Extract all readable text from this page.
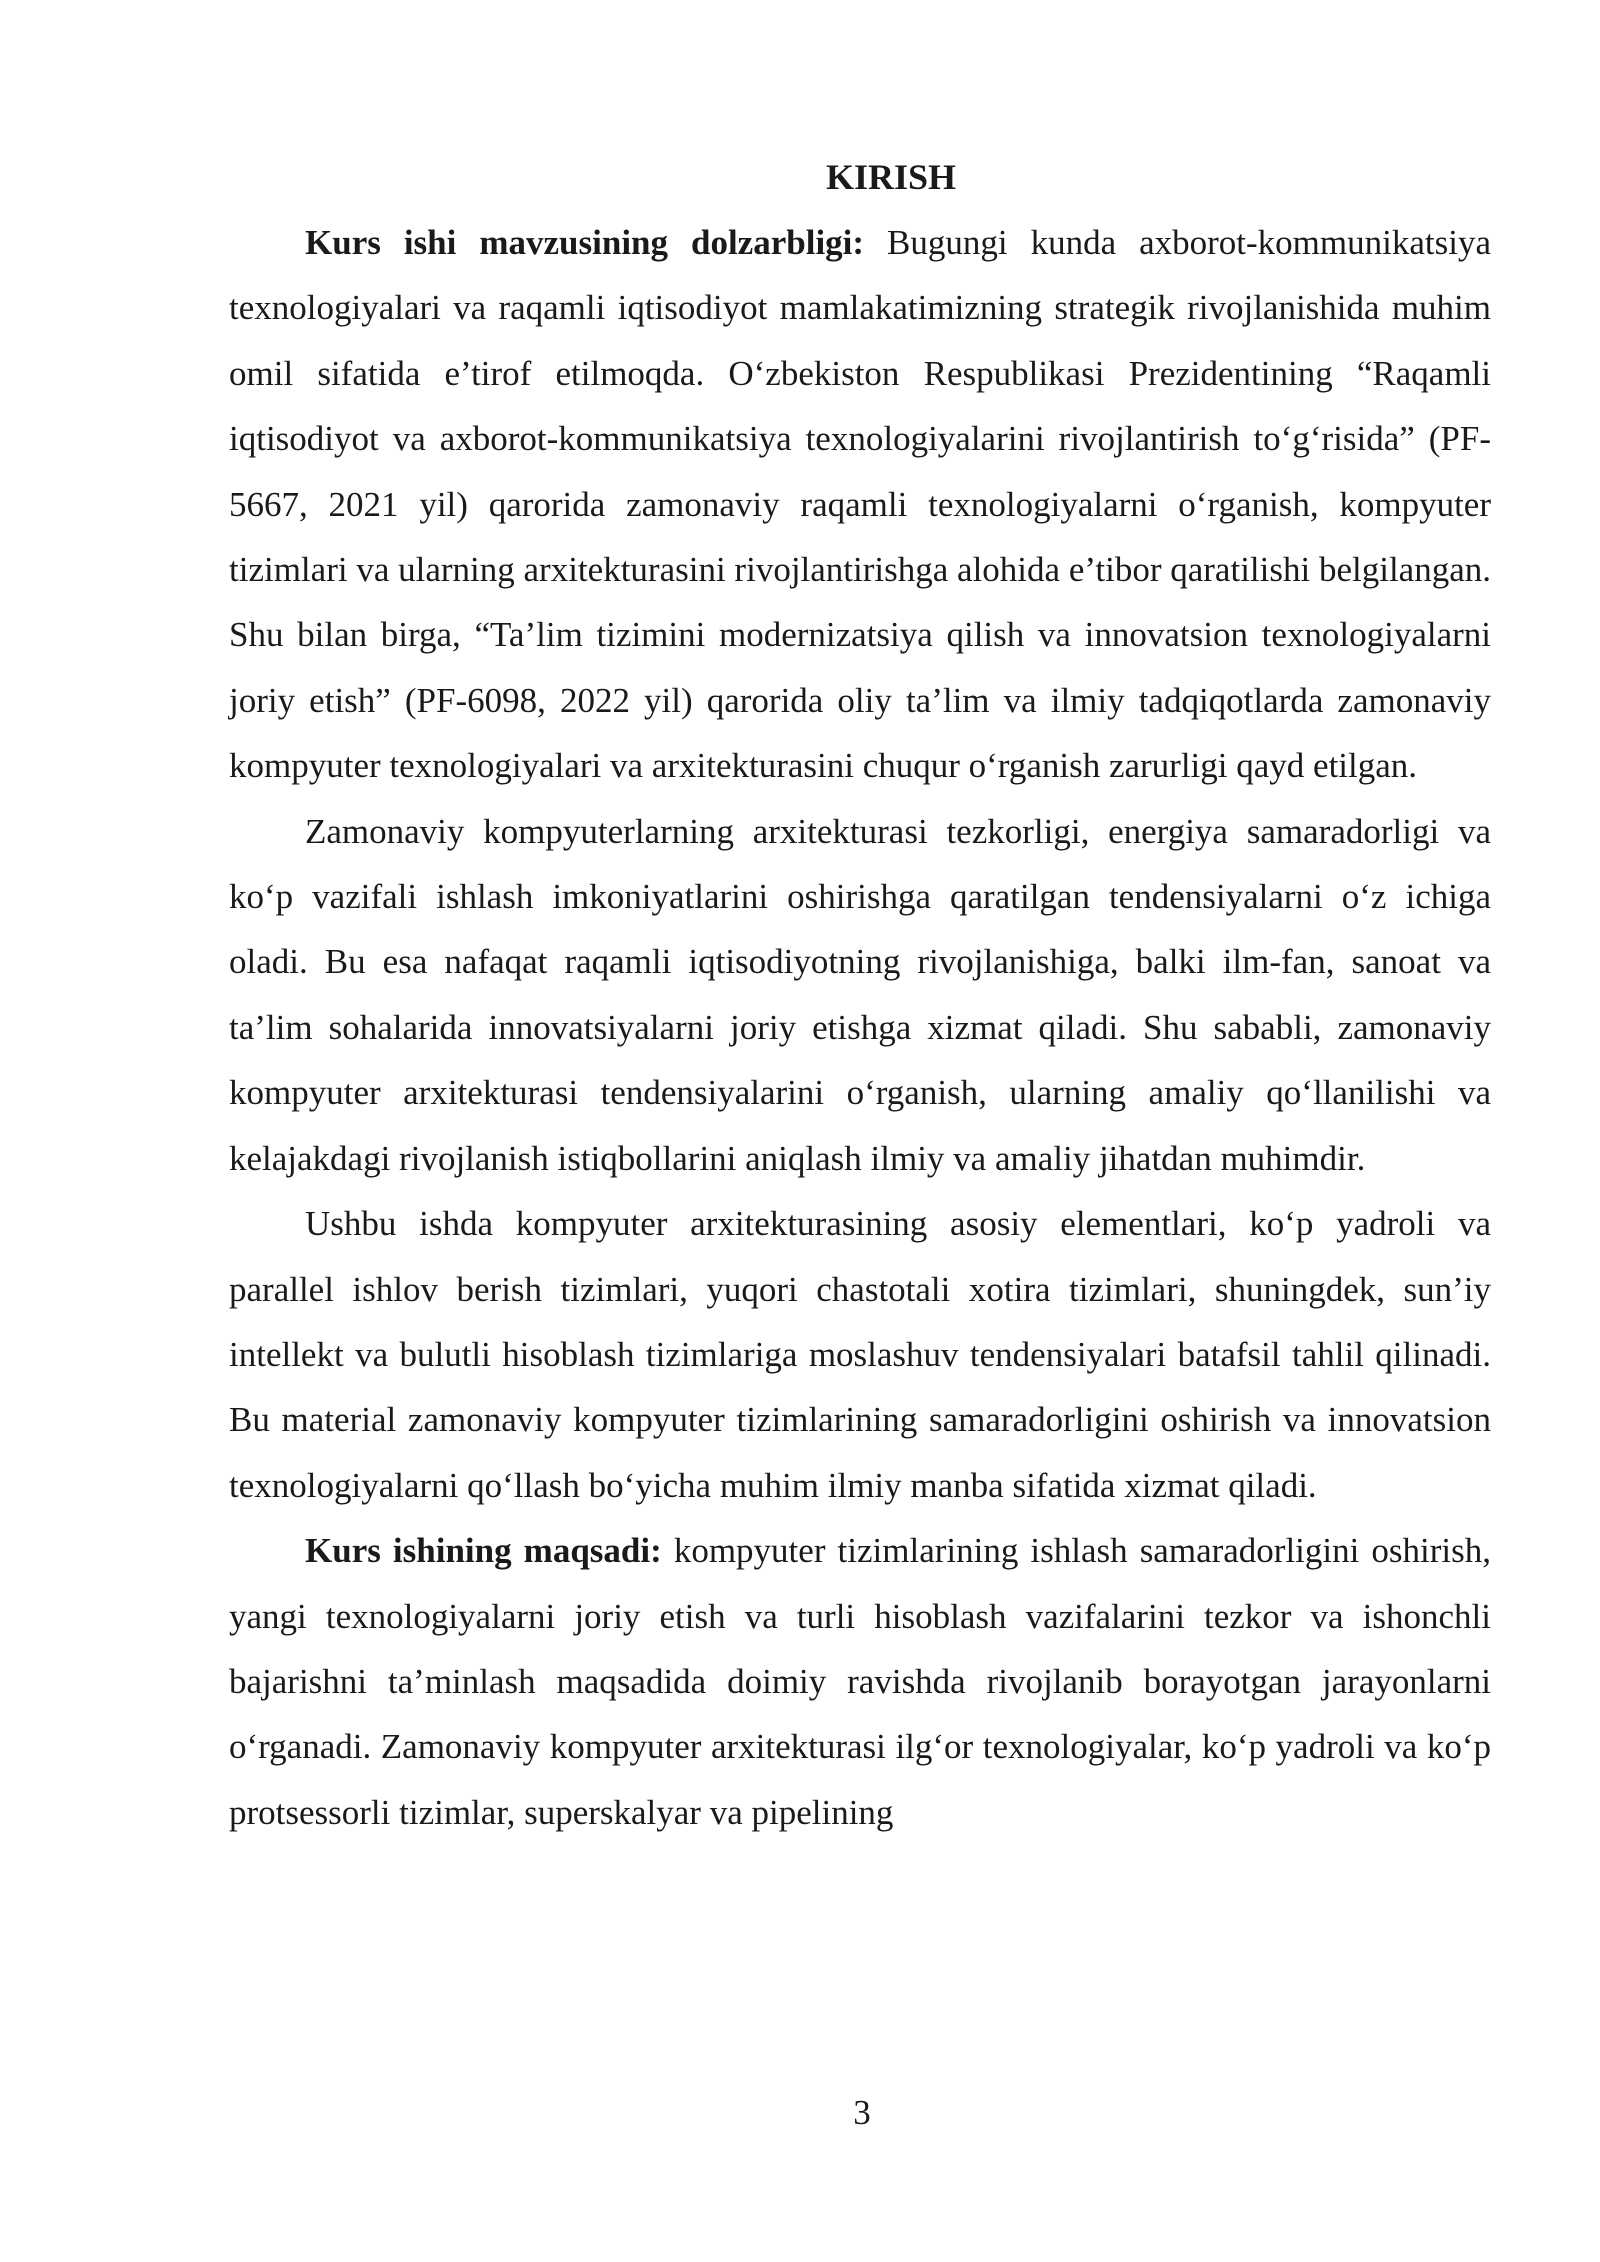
KIRISH

Kurs ishi mavzusining dolzarbligi: Bugungi kunda axborot-kommunikatsiya texnologiyalari va raqamli iqtisodiyot mamlakatimizning strategik rivojlanishida muhim omil sifatida e’tirof etilmoqda. O‘zbekiston Respublikasi Prezidentining “Raqamli iqtisodiyot va axborot-kommunikatsiya texnologiyalarini rivojlantirish to‘g‘risida” (PF-5667, 2021 yil) qarorida zamonaviy raqamli texnologiyalarni o‘rganish, kompyuter tizimlari va ularning arxitekturasini rivojlantirishga alohida e’tibor qaratilishi belgilangan. Shu bilan birga, “Ta’lim tizimini modernizatsiya qilish va innovatsion texnologiyalarni joriy etish” (PF-6098, 2022 yil) qarorida oliy ta’lim va ilmiy tadqiqotlarda zamonaviy kompyuter texnologiyalari va arxitekturasini chuqur o‘rganish zarurligi qayd etilgan.

Zamonaviy kompyuterlarning arxitekturasi tezkorligi, energiya samaradorligi va ko‘p vazifali ishlash imkoniyatlarini oshirishga qaratilgan tendensiyalarni o‘z ichiga oladi. Bu esa nafaqat raqamli iqtisodiyotning rivojlanishiga, balki ilm-fan, sanoat va ta’lim sohalarida innovatsiyalarni joriy etishga xizmat qiladi. Shu sababli, zamonaviy kompyuter arxitekturasi tendensiyalarini o‘rganish, ularning amaliy qo‘llanilishi va kelajakdagi rivojlanish istiqbollarini aniqlash ilmiy va amaliy jihatdan muhimdir.

Ushbu ishda kompyuter arxitekturasining asosiy elementlari, ko‘p yadroli va parallel ishlov berish tizimlari, yuqori chastotali xotira tizimlari, shuningdek, sun’iy intellekt va bulutli hisoblash tizimlariga moslashuv tendensiyalari batafsil tahlil qilinadi. Bu material zamonaviy kompyuter tizimlarining samaradorligini oshirish va innovatsion texnologiyalarni qo‘llash bo‘yicha muhim ilmiy manba sifatida xizmat qiladi.

Kurs ishining maqsadi: kompyuter tizimlarining ishlash samaradorligini oshirish, yangi texnologiyalarni joriy etish va turli hisoblash vazifalarini tezkor va ishonchli bajarishni ta’minlash maqsadida doimiy ravishda rivojlanib borayotgan jarayonlarni o‘rganadi. Zamonaviy kompyuter arxitekturasi ilg‘or texnologiyalar, ko‘p yadroli va ko‘p protsessorli tizimlar, superskalyar va pipelining

3
